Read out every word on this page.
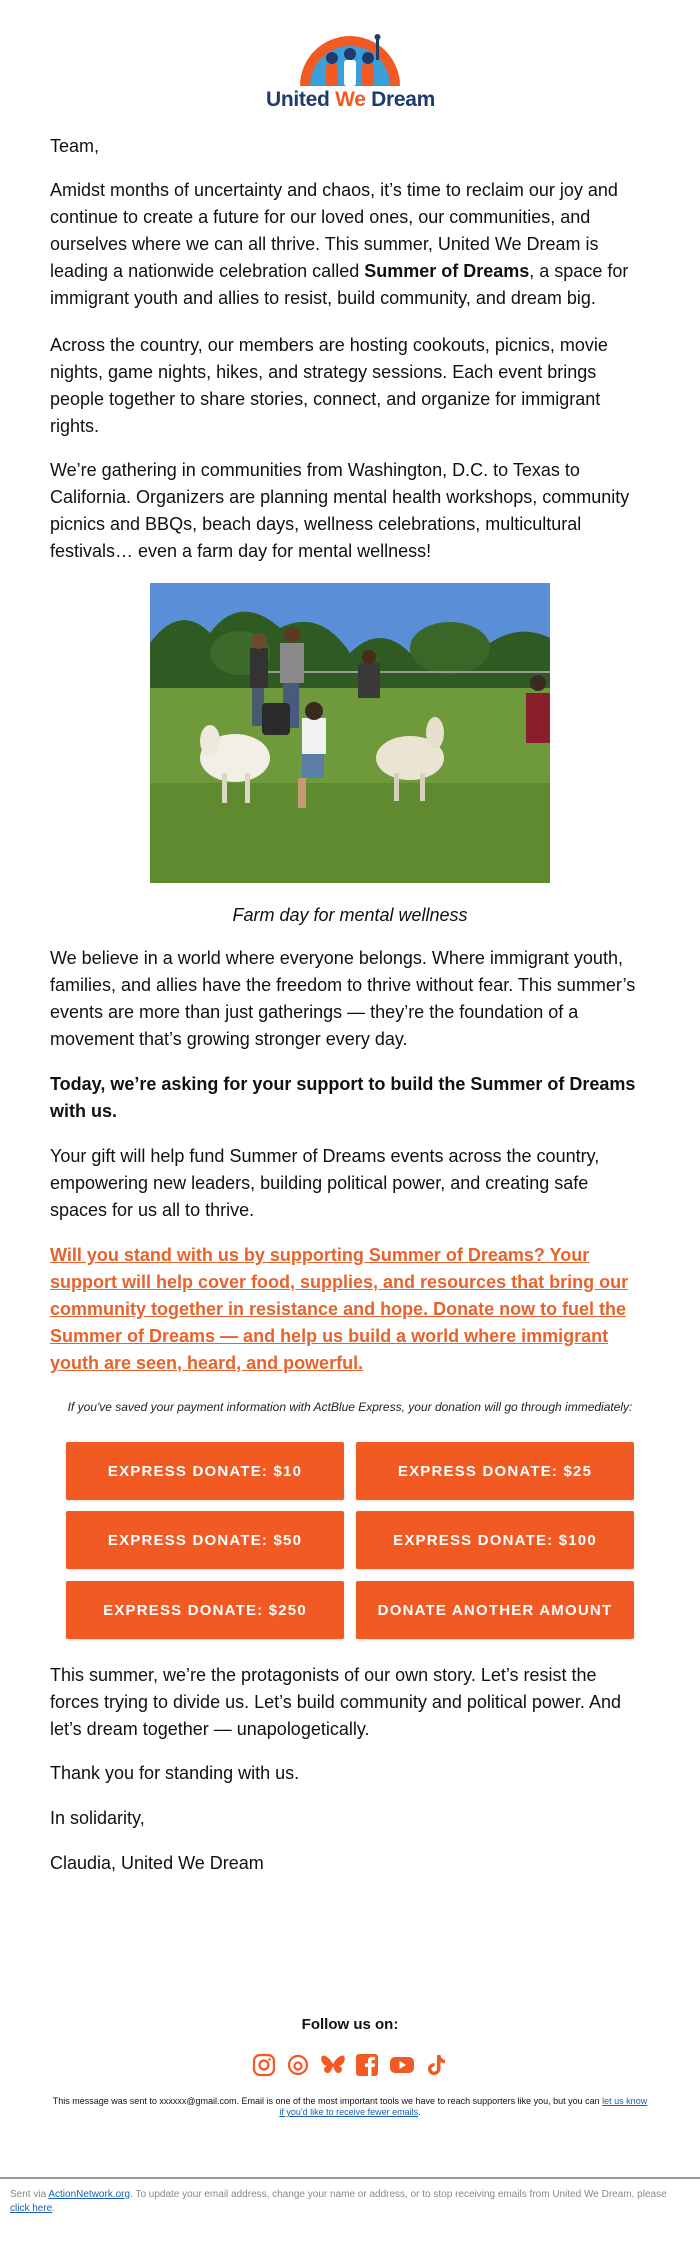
United We Dream

Team,

Amidst months of uncertainty and chaos, it’s time to reclaim our joy and continue to create a future for our loved ones, our communities, and ourselves where we can all thrive. This summer, United We Dream is leading a nationwide celebration called Summer of Dreams, a space for immigrant youth and allies to resist, build community, and dream big.

Across the country, our members are hosting cookouts, picnics, movie nights, game nights, hikes, and strategy sessions. Each event brings people together to share stories, connect, and organize for immigrant rights.

We’re gathering in communities from Washington, D.C. to Texas to California. Organizers are planning mental health workshops, community picnics and BBQs, beach days, wellness celebrations, multicultural festivals… even a farm day for mental wellness!

Farm day for mental wellness

We believe in a world where everyone belongs. Where immigrant youth, families, and allies have the freedom to thrive without fear. This summer’s events are more than just gatherings — they’re the foundation of a movement that’s growing stronger every day.

Today, we’re asking for your support to build the Summer of Dreams with us.

Your gift will help fund Summer of Dreams events across the country, empowering new leaders, building political power, and creating safe spaces for us all to thrive.

Will you stand with us by supporting Summer of Dreams? Your support will help cover food, supplies, and resources that bring our community together in resistance and hope. Donate now to fuel the Summer of Dreams — and help us build a world where immigrant youth are seen, heard, and powerful.

If you've saved your payment information with ActBlue Express, your donation will go through immediately:
EXPRESS DONATE: $10	EXPRESS DONATE: $25
EXPRESS DONATE: $50	EXPRESS DONATE: $100
EXPRESS DONATE: $250	DONATE ANOTHER AMOUNT

This summer, we’re the protagonists of our own story. Let’s resist the forces trying to divide us. Let’s build community and political power. And let’s dream together — unapologetically.

Thank you for standing with us.

In solidarity,

Claudia, United We Dream

Follow us on:
This message was sent to xxxxxx@gmail.com. Email is one of the most important tools we have to reach supporters like you, but you can let us know if you'd like to receive fewer emails.
Sent via ActionNetwork.org. To update your email address, change your name or address, or to stop receiving emails from United We Dream, please click here.
